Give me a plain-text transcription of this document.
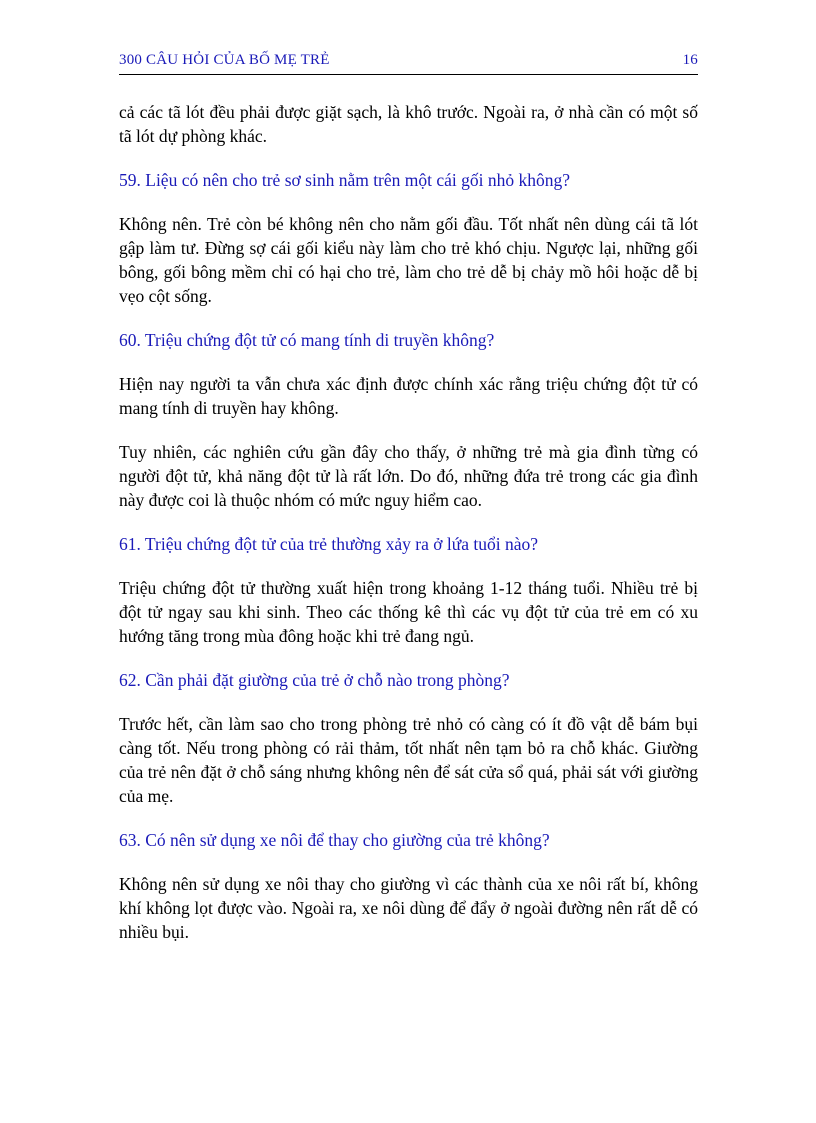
300 CÂU HỎI CỦA BỐ MẸ TRẺ	16

cả các tã lót đều phải được giặt sạch, là khô trước. Ngoài ra, ở nhà cần có một số tã lót dự phòng khác.

59. Liệu có nên cho trẻ sơ sinh nằm trên một cái gối nhỏ không?

Không nên. Trẻ còn bé không nên cho nằm gối đầu. Tốt nhất nên dùng cái tã lót gập làm tư. Đừng sợ cái gối kiểu này làm cho trẻ khó chịu. Ngược lại, những gối bông, gối bông mềm chỉ có hại cho trẻ, làm cho trẻ dễ bị chảy mồ hôi hoặc dễ bị vẹo cột sống.

60. Triệu chứng đột tử có mang tính di truyền không?

Hiện nay người ta vẫn chưa xác định được chính xác rằng triệu chứng đột tử có mang tính di truyền hay không.

Tuy nhiên, các nghiên cứu gần đây cho thấy, ở những trẻ mà gia đình từng có người đột tử, khả năng đột tử là rất lớn. Do đó, những đứa trẻ trong các gia đình này được coi là thuộc nhóm có mức nguy hiểm cao.

61. Triệu chứng đột tử của trẻ thường xảy ra ở lứa tuổi nào?

Triệu chứng đột tử thường xuất hiện trong khoảng 1-12 tháng tuổi. Nhiều trẻ bị đột tử ngay sau khi sinh. Theo các thống kê thì các vụ đột tử của trẻ em có xu hướng tăng trong mùa đông hoặc khi trẻ đang ngủ.

62. Cần phải đặt giường của trẻ ở chỗ nào trong phòng?

Trước hết, cần làm sao cho trong phòng trẻ nhỏ có càng có ít đồ vật dễ bám bụi càng tốt. Nếu trong phòng có rải thảm, tốt nhất nên tạm bỏ ra chỗ khác. Giường của trẻ nên đặt ở chỗ sáng nhưng không nên để sát cửa sổ quá, phải sát với giường của mẹ.

63. Có nên sử dụng xe nôi để thay cho giường của trẻ không?

Không nên sử dụng xe nôi thay cho giường vì các thành của xe nôi rất bí, không khí không lọt được vào. Ngoài ra, xe nôi dùng để đẩy ở ngoài đường nên rất dễ có nhiều bụi.
